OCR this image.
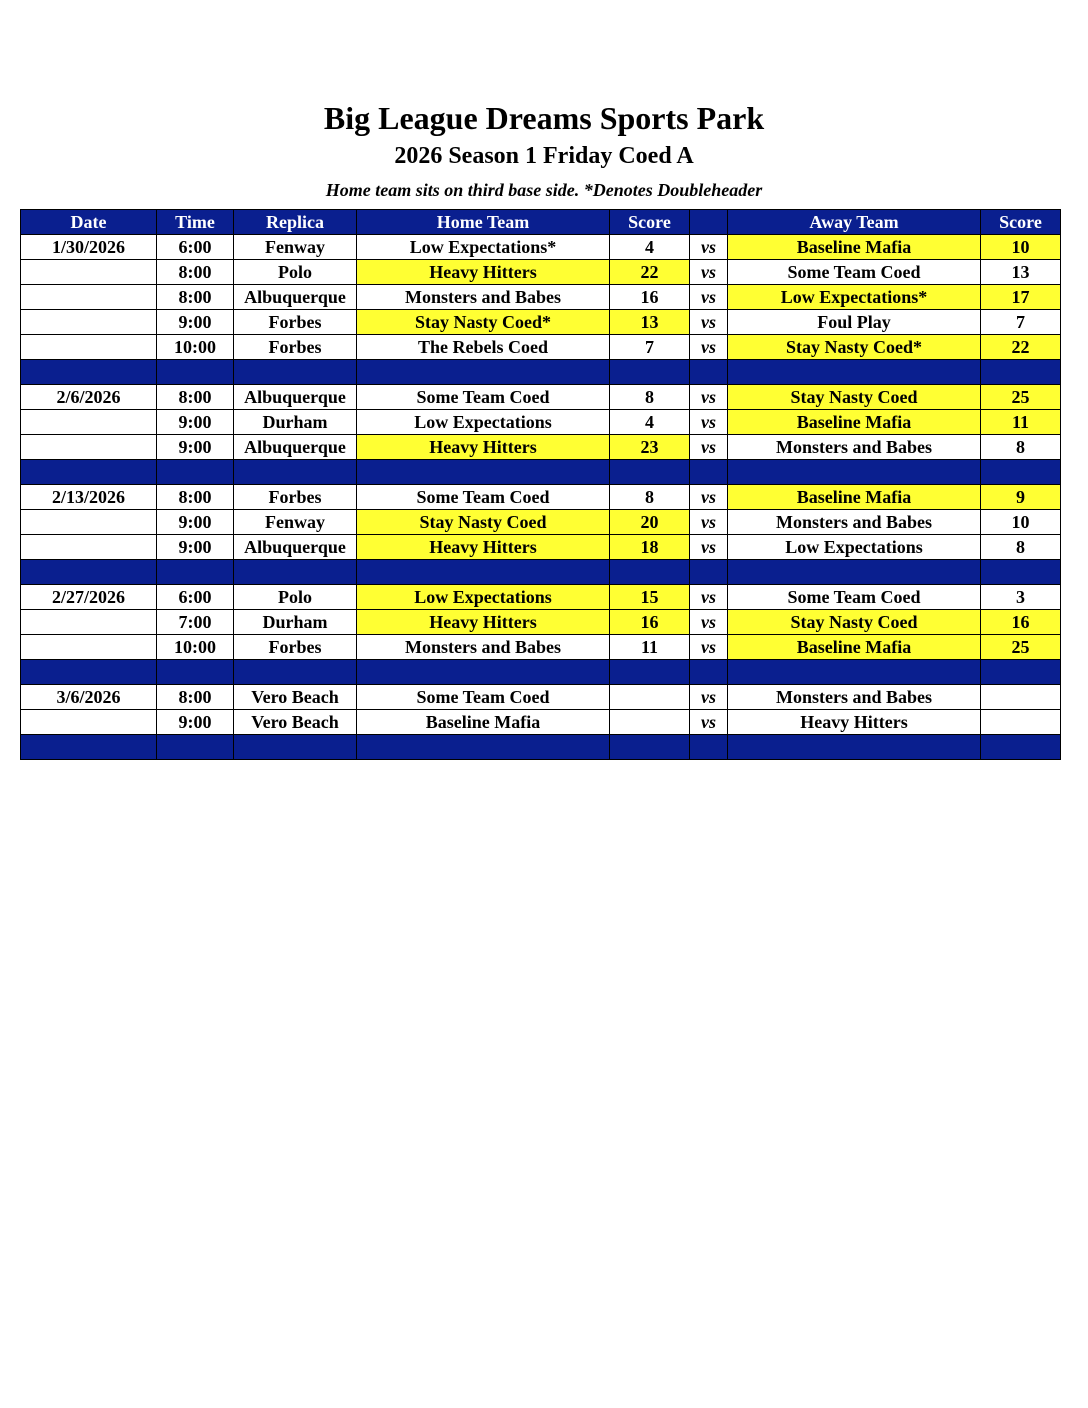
Big League Dreams Sports Park
2026 Season 1 Friday Coed A
Home team sits on third base side. *Denotes Doubleheader
Date	Time	Replica	Home Team	Score		Away Team	Score
1/30/2026	6:00	Fenway	Low Expectations*	4	vs	Baseline Mafia	10
	8:00	Polo	Heavy Hitters	22	vs	Some Team Coed	13
	8:00	Albuquerque	Monsters and Babes	16	vs	Low Expectations*	17
	9:00	Forbes	Stay Nasty Coed*	13	vs	Foul Play	7
	10:00	Forbes	The Rebels Coed	7	vs	Stay Nasty Coed*	22

2/6/2026	8:00	Albuquerque	Some Team Coed	8	vs	Stay Nasty Coed	25
	9:00	Durham	Low Expectations	4	vs	Baseline Mafia	11
	9:00	Albuquerque	Heavy Hitters	23	vs	Monsters and Babes	8

2/13/2026	8:00	Forbes	Some Team Coed	8	vs	Baseline Mafia	9
	9:00	Fenway	Stay Nasty Coed	20	vs	Monsters and Babes	10
	9:00	Albuquerque	Heavy Hitters	18	vs	Low Expectations	8

2/27/2026	6:00	Polo	Low Expectations	15	vs	Some Team Coed	3
	7:00	Durham	Heavy Hitters	16	vs	Stay Nasty Coed	16
	10:00	Forbes	Monsters and Babes	11	vs	Baseline Mafia	25

3/6/2026	8:00	Vero Beach	Some Team Coed		vs	Monsters and Babes	
	9:00	Vero Beach	Baseline Mafia		vs	Heavy Hitters	
